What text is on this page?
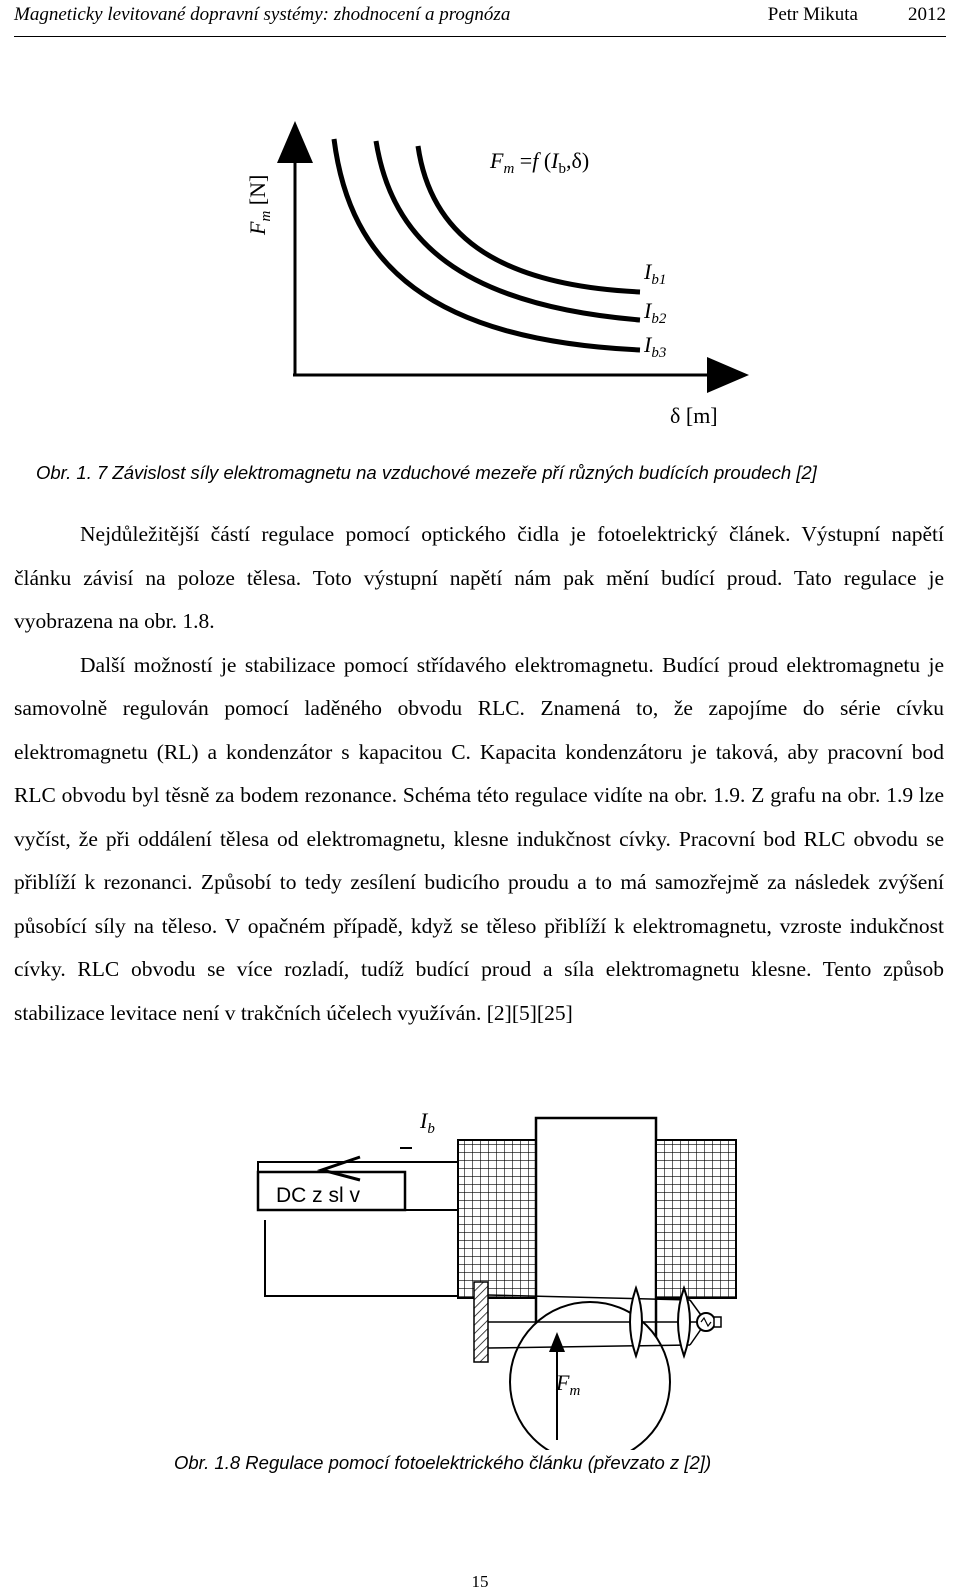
Magneticky levitované dopravní systémy: zhodnocení a prognóza	Petr Mikuta	2012
$F_m$ [N]
$F_m =f$ $(I_b,\delta)$
$I_{b1}$
$I_{b2}$
$I_{b3}$
δ [m]
Obr. 1. 7 Závislost síly elektromagnetu na vzduchové mezeře pří různých budících proudech [2]

Nejdůležitější částí regulace pomocí optického čidla je fotoelektrický článek. Výstupní napětí článku závisí na poloze tělesa. Toto výstupní napětí nám pak mění budící proud. Tato regulace je vyobrazena na obr. 1.8.

Další možností je stabilizace pomocí střídavého elektromagnetu. Budící proud elektromagnetu je samovolně regulován pomocí laděného obvodu RLC. Znamená to, že zapojíme do série cívku elektromagnetu (RL) a kondenzátor s kapacitou C. Kapacita kondenzátoru je taková, aby pracovní bod RLC obvodu byl těsně za bodem rezonance. Schéma této regulace vidíte na obr. 1.9. Z grafu na obr. 1.9 lze vyčíst, že při oddálení tělesa od elektromagnetu, klesne indukčnost cívky. Pracovní bod RLC obvodu se přiblíží k rezonanci. Způsobí to tedy zesílení budicího proudu a to má samozřejmě za následek zvýšení působící síly na těleso. V opačném případě, když se těleso přiblíží k elektromagnetu, vzroste indukčnost cívky. RLC obvodu se více rozladí, tudíž budící proud a síla elektromagnetu klesne. Tento způsob stabilizace levitace není v trakčních účelech využíván. [2][5][25]

$I_b$
DC z sl v
$F_m$
Obr. 1.8 Regulace pomocí fotoelektrického článku (převzato z [2])
15
